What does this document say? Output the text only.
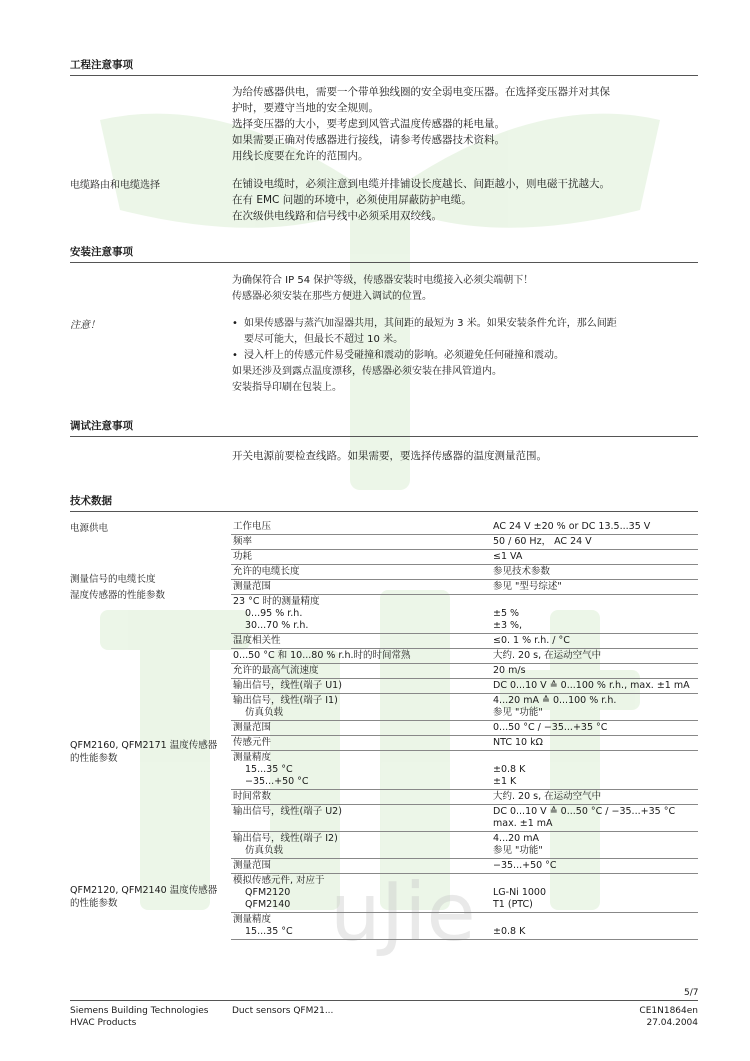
uJie
工程注意事项

为给传感器供电，需要一个带单独线圈的安全弱电变压器。在选择变压器并对其保

护时，要遵守当地的安全规则。

选择变压器的大小，要考虑到风管式温度传感器的耗电量。

如果需要正确对传感器进行接线，请参考传感器技术资料。

用线长度要在允许的范围内。

电缆路由和电缆选择	在铺设电缆时，必须注意到电缆并排铺设长度越长、间距越小，则电磁干扰越大。

在有 EMC 问题的环境中，必须使用屏蔽防护电缆。

在次级供电线路和信号线中必须采用双绞线。

安装注意事项

为确保符合 IP 54 保护等级，传感器安装时电缆接入必须尖端朝下！

传感器必须安装在那些方便进入调试的位置。

注意！
•	如果传感器与蒸汽加湿器共用，其间距的最短为 3 米。如果安装条件允许，那么间距
要尽可能大，但最长不超过 10 米。
• 浸入杆上的传感元件易受碰撞和震动的影响。必须避免任何碰撞和震动。

如果还涉及到露点温度漂移，传感器必须安装在排风管道内。

安装指导印刷在包装上。

调试注意事项
开关电源前要检查线路。如果需要，要选择传感器的温度测量范围。
技术数据
电源供电
测量信号的电缆长度
湿度传感器的性能参数
QFM2160, QFM2171 温度传感器的性能参数
QFM2120, QFM2140 温度传感器的性能参数
工作电压	AC 24 V ±20 % or DC 13.5...35 V
频率	50 / 60 Hz， AC 24 V
功耗	≤1 VA
允许的电缆长度	参见技术参数
测量范围	参见 "型号综述"
23 °C 时的测量精度
0...95 % r.h.
30...70 % r.h.

±5 %
±3 %,
温度相关性	≤0. 1 % r.h. / °C
0...50 °C 和 10...80 % r.h.时的时间常熟	大约. 20 s, 在运动空气中
允许的最高气流速度	20 m/s
输出信号，线性(端子 U1)	DC 0...10 V ≙ 0...100 % r.h., max. ±1 mA
输出信号，线性(端子 I1)
仿真负载
4...20 mA ≙ 0...100 % r.h.
参见 "功能"
测量范围	0...50 °C / −35...+35 °C
传感元件	NTC 10 kΩ
测量精度
15...35 °C
−35...+50 °C

±0.8 K
±1 K
时间常数	大约. 20 s, 在运动空气中
输出信号，线性(端子 U2)	DC 0...10 V ≙ 0...50 °C / −35...+35 °C
max. ±1 mA
输出信号，线性(端子 I2)
仿真负载
4...20 mA
参见 "功能"
测量范围	−35...+50 °C
模拟传感元件, 对应于
QFM2120
QFM2140

LG-Ni 1000
T1 (PTC)
测量精度
15...35 °C
	±0.8 K
5/7
Siemens Building Technologies
HVAC Products
Duct sensors QFM21...	CE1N1864en
27.04.2004
